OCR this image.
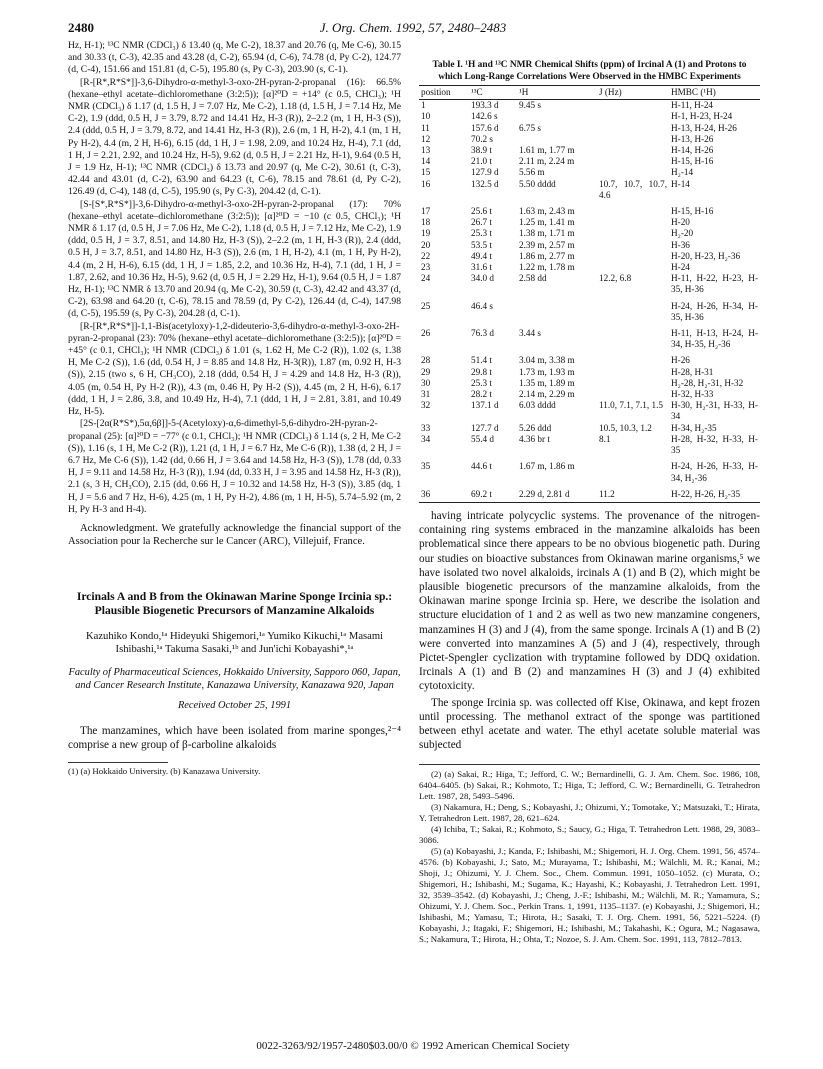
2480	J. Org. Chem. 1992, 57, 2480–2483

Hz, H-1); ¹³C NMR (CDCl₃) δ 13.40 (q, Me C-2), 18.37 and 20.76 (q, Me C-6), 30.15 and 30.33 (t, C-3), 42.35 and 43.28 (d, C-2), 65.94 (d, C-6), 74.78 (d, Py C-2), 124.77 (d, C-4), 151.66 and 151.81 (d, C-5), 195.80 (s, Py C-3), 203.90 (s, C-1).

[R-[R*,R*S*]]-3,6-Dihydro-α-methyl-3-oxo-2H-pyran-2-propanal (16): 66.5% (hexane–ethyl acetate–dichloromethane (3:2:5)); [α]²⁰D = +14° (c 0.5, CHCl₃); ¹H NMR (CDCl₃) δ 1.17 (d, 1.5 H, J = 7.07 Hz, Me C-2), 1.18 (d, 1.5 H, J = 7.14 Hz, Me C-2), 1.9 (ddd, 0.5 H, J = 3.79, 8.72 and 14.41 Hz, H-3 (R)), 2–2.2 (m, 1 H, H-3 (S)), 2.4 (ddd, 0.5 H, J = 3.79, 8.72, and 14.41 Hz, H-3 (R)), 2.6 (m, 1 H, H-2), 4.1 (m, 1 H, Py H-2), 4.4 (m, 2 H, H-6), 6.15 (dd, 1 H, J = 1.98, 2.09, and 10.24 Hz, H-4), 7.1 (dd, 1 H, J = 2.21, 2.92, and 10.24 Hz, H-5), 9.62 (d, 0.5 H, J = 2.21 Hz, H-1), 9.64 (0.5 H, J = 1.9 Hz, H-1); ¹³C NMR (CDCl₃) δ 13.73 and 20.97 (q, Me C-2), 30.61 (t, C-3), 42.44 and 43.01 (d, C-2), 63.90 and 64.23 (t, C-6), 78.15 and 78.61 (d, Py C-2), 126.49 (d, C-4), 148 (d, C-5), 195.90 (s, Py C-3), 204.42 (d, C-1).

[S-[S*,R*S*]]-3,6-Dihydro-α-methyl-3-oxo-2H-pyran-2-propanal (17): 70% (hexane–ethyl acetate–dichloromethane (3:2:5)); [α]²⁰D = −10 (c 0.5, CHCl₃); ¹H NMR δ 1.17 (d, 0.5 H, J = 7.06 Hz, Me C-2), 1.18 (d, 0.5 H, J = 7.12 Hz, Me C-2), 1.9 (ddd, 0.5 H, J = 3.7, 8.51, and 14.80 Hz, H-3 (S)), 2–2.2 (m, 1 H, H-3 (R)), 2.4 (ddd, 0.5 H, J = 3.7, 8.51, and 14.80 Hz, H-3 (S)), 2.6 (m, 1 H, H-2), 4.1 (m, 1 H, Py H-2), 4.4 (m, 2 H, H-6), 6.15 (dd, 1 H, J = 1.85, 2.2, and 10.36 Hz, H-4), 7.1 (dd, 1 H, J = 1.87, 2.62, and 10.36 Hz, H-5), 9.62 (d, 0.5 H, J = 2.29 Hz, H-1), 9.64 (0.5 H, J = 1.87 Hz, H-1); ¹³C NMR δ 13.70 and 20.94 (q, Me C-2), 30.59 (t, C-3), 42.42 and 43.37 (d, C-2), 63.98 and 64.20 (t, C-6), 78.15 and 78.59 (d, Py C-2), 126.44 (d, C-4), 147.98 (d, C-5), 195.59 (s, Py C-3), 204.28 (d, C-1).

[R-[R*,R*S*]]-1,1-Bis(acetyloxy)-1,2-dideuterio-3,6-dihydro-α-methyl-3-oxo-2H-pyran-2-propanal (23): 70% (hexane–ethyl acetate–dichloromethane (3:2:5)); [α]²⁰D = +45° (c 0.1, CHCl₃); ¹H NMR (CDCl₃) δ 1.01 (s, 1.62 H, Me C-2 (R)), 1.02 (s, 1.38 H, Me C-2 (S)), 1.6 (dd, 0.54 H, J = 8.85 and 14.8 Hz, H-3(R)), 1.87 (m, 0.92 H, H-3 (S)), 2.15 (two s, 6 H, CH₃CO), 2.18 (ddd, 0.54 H, J = 4.29 and 14.8 Hz, H-3 (R)), 4.05 (m, 0.54 H, Py H-2 (R)), 4.3 (m, 0.46 H, Py H-2 (S)), 4.45 (m, 2 H, H-6), 6.17 (ddd, 1 H, J = 2.86, 3.8, and 10.49 Hz, H-4), 7.1 (ddd, 1 H, J = 2.81, 3.81, and 10.49 Hz, H-5).

[2S-[2α(R*S*),5α,6β]]-5-(Acetyloxy)-α,6-dimethyl-5,6-dihydro-2H-pyran-2-propanal (25): [α]²⁰D = −77° (c 0.1, CHCl₃); ¹H NMR (CDCl₃) δ 1.14 (s, 2 H, Me C-2 (S)), 1.16 (s, 1 H, Me C-2 (R)), 1.21 (d, 1 H, J = 6.7 Hz, Me C-6 (R)), 1.38 (d, 2 H, J = 6.7 Hz, Me C-6 (S)), 1.42 (dd, 0.66 H, J = 3.64 and 14.58 Hz, H-3 (S)), 1.78 (dd, 0.33 H, J = 9.11 and 14.58 Hz, H-3 (R)), 1.94 (dd, 0.33 H, J = 3.95 and 14.58 Hz, H-3 (R)), 2.1 (s, 3 H, CH₃CO), 2.15 (dd, 0.66 H, J = 10.32 and 14.58 Hz, H-3 (S)), 3.85 (dq, 1 H, J = 5.6 and 7 Hz, H-6), 4.25 (m, 1 H, Py H-2), 4.86 (m, 1 H, H-5), 5.74–5.92 (m, 2 H, Py H-3 and H-4).

Acknowledgment. We gratefully acknowledge the financial support of the Association pour la Recherche sur le Cancer (ARC), Villejuif, France.

Ircinals A and B from the Okinawan Marine Sponge Ircinia sp.: Plausible Biogenetic Precursors of Manzamine Alkaloids

Kazuhiko Kondo,¹ᵃ Hideyuki Shigemori,¹ᵃ Yumiko Kikuchi,¹ᵃ Masami Ishibashi,¹ᵃ Takuma Sasaki,¹ᵇ and Jun'ichi Kobayashi*,¹ᵃ

Faculty of Pharmaceutical Sciences, Hokkaido University, Sapporo 060, Japan, and Cancer Research Institute, Kanazawa University, Kanazawa 920, Japan

Received October 25, 1991

The manzamines, which have been isolated from marine sponges,²⁻⁴ comprise a new group of β-carboline alkaloids

(1) (a) Hokkaido University. (b) Kanazawa University.

Table I. ¹H and ¹³C NMR Chemical Shifts (ppm) of Ircinal A (1) and Protons to which Long-Range Correlations Were Observed in the HMBC Experiments
position	¹³C	¹H	J (Hz)	HMBC (¹H)
1	193.3 d	9.45 s		H-11, H-24
10	142.6 s			H-1, H-23, H-24
11	157.6 d	6.75 s		H-13, H-24, H-26
12	70.2 s			H-13, H-26
13	38.9 t	1.61 m, 1.77 m		H-14, H-26
14	21.0 t	2.11 m, 2.24 m		H-15, H-16
15	127.9 d	5.56 m		H₂-14
16	132.5 d	5.50 dddd	10.7, 10.7, 10.7, 4.6	H-14
17	25.6 t	1.63 m, 2.43 m		H-15, H-16
18	26.7 t	1.25 m, 1.41 m		H-20
19	25.3 t	1.38 m, 1.71 m		H₂-20
20	53.5 t	2.39 m, 2.57 m		H-36
22	49.4 t	1.86 m, 2.77 m		H-20, H-23, H₂-36
23	31.6 t	1.22 m, 1.78 m		H-24
24	34.0 d	2.58 dd	12.2, 6.8	H-11, H-22, H-23, H-35, H-36
25	46.4 s			H-24, H-26, H-34, H-35, H-36
26	76.3 d	3.44 s		H-11, H-13, H-24, H-34, H-35, H₂-36
28	51.4 t	3.04 m, 3.38 m		H-26
29	29.8 t	1.73 m, 1.93 m		H-28, H-31
30	25.3 t	1.35 m, 1.89 m		H₂-28, H₂-31, H-32
31	28.2 t	2.14 m, 2.29 m		H-32, H-33
32	137.1 d	6.03 dddd	11.0, 7.1, 7.1, 1.5	H-30, H₂-31, H-33, H-34
33	127.7 d	5.26 ddd	10.5, 10.3, 1.2	H-34, H₂-35
34	55.4 d	4.36 br t	8.1	H-28, H-32, H-33, H-35
35	44.6 t	1.67 m, 1.86 m		H-24, H-26, H-33, H-34, H₂-36
36	69.2 t	2.29 d, 2.81 d	11.2	H-22, H-26, H₂-35

having intricate polycyclic systems. The provenance of the nitrogen-containing ring systems embraced in the manzamine alkaloids has been problematical since there appears to be no obvious biogenetic path. During our studies on bioactive substances from Okinawan marine organisms,⁵ we have isolated two novel alkaloids, ircinals A (1) and B (2), which might be plausible biogenetic precursors of the manzamine alkaloids, from the Okinawan marine sponge Ircinia sp. Here, we describe the isolation and structure elucidation of 1 and 2 as well as two new manzamine congeners, manzamines H (3) and J (4), from the same sponge. Ircinals A (1) and B (2) were converted into manzamines A (5) and J (4), respectively, through Pictet-Spengler cyclization with tryptamine followed by DDQ oxidation. Ircinals A (1) and B (2) and manzamines H (3) and J (4) exhibited cytotoxicity.

The sponge Ircinia sp. was collected off Kise, Okinawa, and kept frozen until processing. The methanol extract of the sponge was partitioned between ethyl acetate and water. The ethyl acetate soluble material was subjected

(2) (a) Sakai, R.; Higa, T.; Jefford, C. W.; Bernardinelli, G. J. Am. Chem. Soc. 1986, 108, 6404–6405. (b) Sakai, R.; Kohmoto, T.; Higa, T.; Jefford, C. W.; Bernardinelli, G. Tetrahedron Lett. 1987, 28, 5493–5496.

(3) Nakamura, H.; Deng, S.; Kobayashi, J.; Ohizumi, Y.; Tomotake, Y.; Matsuzaki, T.; Hirata, Y. Tetrahedron Lett. 1987, 28, 621–624.

(4) Ichiba, T.; Sakai, R.; Kohmoto, S.; Saucy, G.; Higa, T. Tetrahedron Lett. 1988, 29, 3083–3086.

(5) (a) Kobayashi, J.; Kanda, F.; Ishibashi, M.; Shigemori, H. J. Org. Chem. 1991, 56, 4574–4576. (b) Kobayashi, J.; Sato, M.; Murayama, T.; Ishibashi, M.; Wälchli, M. R.; Kanai, M.; Shoji, J.; Ohizumi, Y. J. Chem. Soc., Chem. Commun. 1991, 1050–1052. (c) Murata, O.; Shigemori, H.; Ishibashi, M.; Sugama, K.; Hayashi, K.; Kobayashi, J. Tetrahedron Lett. 1991, 32, 3539–3542. (d) Kobayashi, J.; Cheng, J.-F.; Ishibashi, M.; Wälchli, M. R.; Yamamura, S.; Ohizumi, Y. J. Chem. Soc., Perkin Trans. 1, 1991, 1135–1137. (e) Kobayashi, J.; Shigemori, H.; Ishibashi, M.; Yamasu, T.; Hirota, H.; Sasaki, T. J. Org. Chem. 1991, 56, 5221–5224. (f) Kobayashi, J.; Itagaki, F.; Shigemori, H.; Ishibashi, M.; Takahashi, K.; Ogura, M.; Nagasawa, S.; Nakamura, T.; Hirota, H.; Ohta, T.; Nozoe, S. J. Am. Chem. Soc. 1991, 113, 7812–7813.

0022-3263/92/1957-2480$03.00/0 © 1992 American Chemical Society
